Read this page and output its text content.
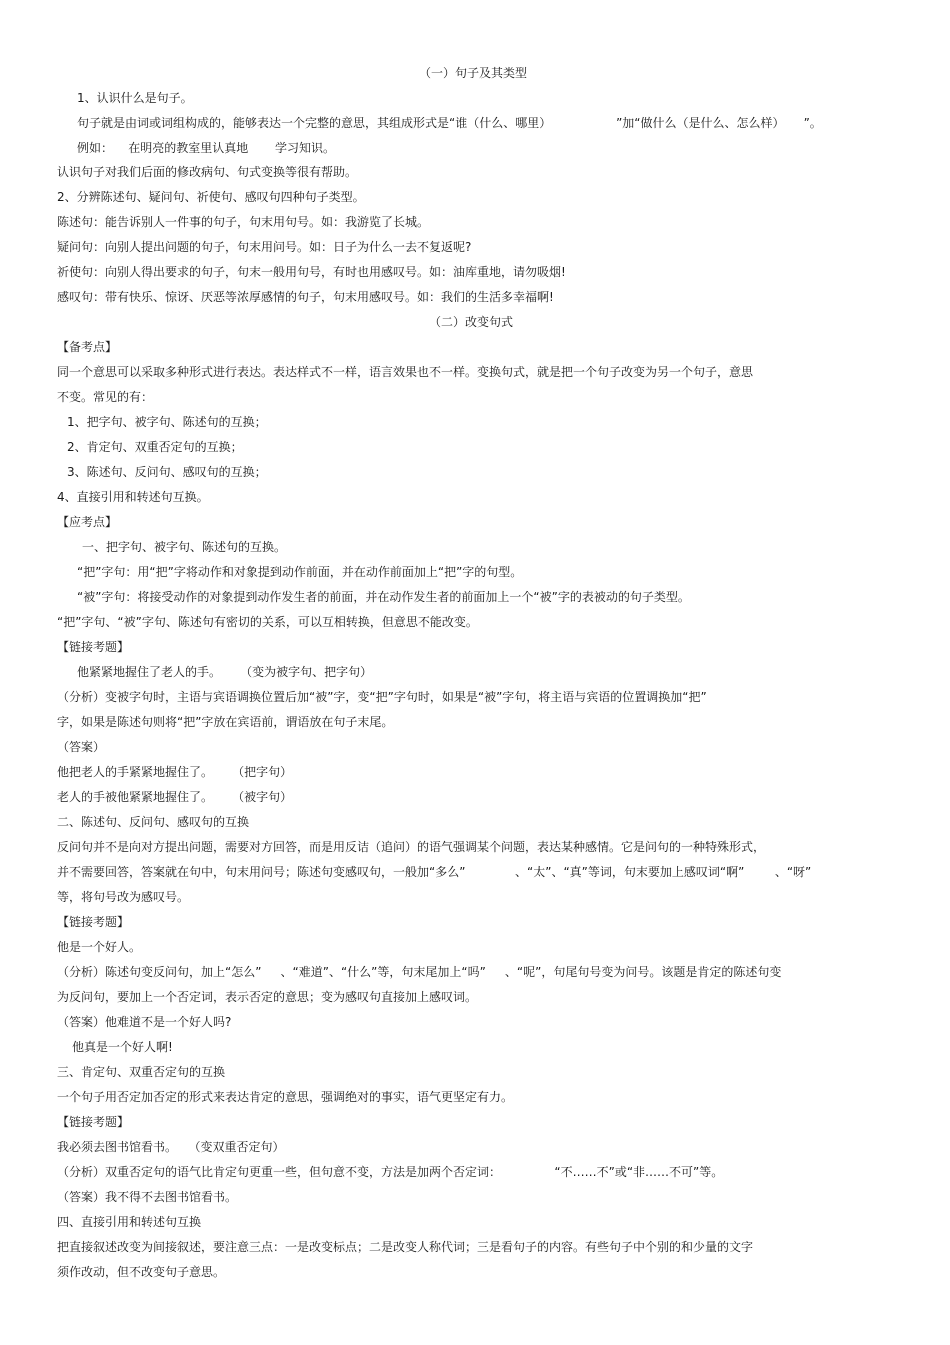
（一）句子及其类型
1、认识什么是句子。
句子就是由词或词组构成的，能够表达一个完整的意思，其组成形式是“谁（什么、哪里）                 ”加“做什么（是什么、怎么样）     ”。
例如：    在明亮的教室里认真地       学习知识。
认识句子对我们后面的修改病句、句式变换等很有帮助。
2、分辨陈述句、疑问句、祈使句、感叹句四种句子类型。
陈述句：能告诉别人一件事的句子，句末用句号。如：我游览了长城。
疑问句：向别人提出问题的句子，句末用问号。如：日子为什么一去不复返呢?
祈使句：向别人得出要求的句子，句末一般用句号，有时也用感叹号。如：油库重地，请勿吸烟!
感叹句：带有快乐、惊讶、厌恶等浓厚感情的句子，句末用感叹号。如：我们的生活多幸福啊!
（二）改变句式
【备考点】
同一个意思可以采取多种形式进行表达。表达样式不一样，语言效果也不一样。变换句式，就是把一个句子改变为另一个句子，意思
不变。常见的有：
1、把字句、被字句、陈述句的互换；
2、肯定句、双重否定句的互换；
3、陈述句、反问句、感叹句的互换；
4、直接引用和转述句互换。
【应考点】
一、把字句、被字句、陈述句的互换。
“把”字句：用“把”字将动作和对象提到动作前面，并在动作前面加上“把”字的句型。
“被”字句：将接受动作的对象提到动作发生者的前面，并在动作发生者的前面加上一个“被”字的表被动的句子类型。
“把”字句、“被”字句、陈述句有密切的关系，可以互相转换，但意思不能改变。
【链接考题】
他紧紧地握住了老人的手。     （变为被字句、把字句）
（分析）变被字句时，主语与宾语调换位置后加“被”字，变“把”字句时，如果是“被”字句，将主语与宾语的位置调换加“把”
字，如果是陈述句则将“把”字放在宾语前，谓语放在句子末尾。
（答案）
他把老人的手紧紧地握住了。     （把字句）
老人的手被他紧紧地握住了。     （被字句）
二、陈述句、反问句、感叹句的互换
反问句并不是向对方提出问题，需要对方回答，而是用反诘（追问）的语气强调某个问题，表达某种感情。它是问句的一种特殊形式，
并不需要回答，答案就在句中，句末用问号；陈述句变感叹句，一般加“多么”             、“太”、“真”等词，句末要加上感叹词“啊”        、“呀”
等，将句号改为感叹号。
【链接考题】
他是一个好人。
（分析）陈述句变反问句，加上“怎么”     、“难道”、“什么”等，句末尾加上“吗”     、“呢”，句尾句号变为问号。该题是肯定的陈述句变
为反问句，要加上一个否定词，表示否定的意思；变为感叹句直接加上感叹词。
（答案）他难道不是一个好人吗?
他真是一个好人啊!
三、肯定句、双重否定句的互换
一个句子用否定加否定的形式来表达肯定的意思，强调绝对的事实，语气更坚定有力。
【链接考题】
我必须去图书馆看书。   （变双重否定句）
（分析）双重否定句的语气比肯定句更重一些，但句意不变，方法是加两个否定词：              “不……不”或“非……不可”等。
（答案）我不得不去图书馆看书。
四、直接引用和转述句互换
把直接叙述改变为间接叙述，要注意三点：一是改变标点；二是改变人称代词；三是看句子的内容。有些句子中个别的和少量的文字
须作改动，但不改变句子意思。
